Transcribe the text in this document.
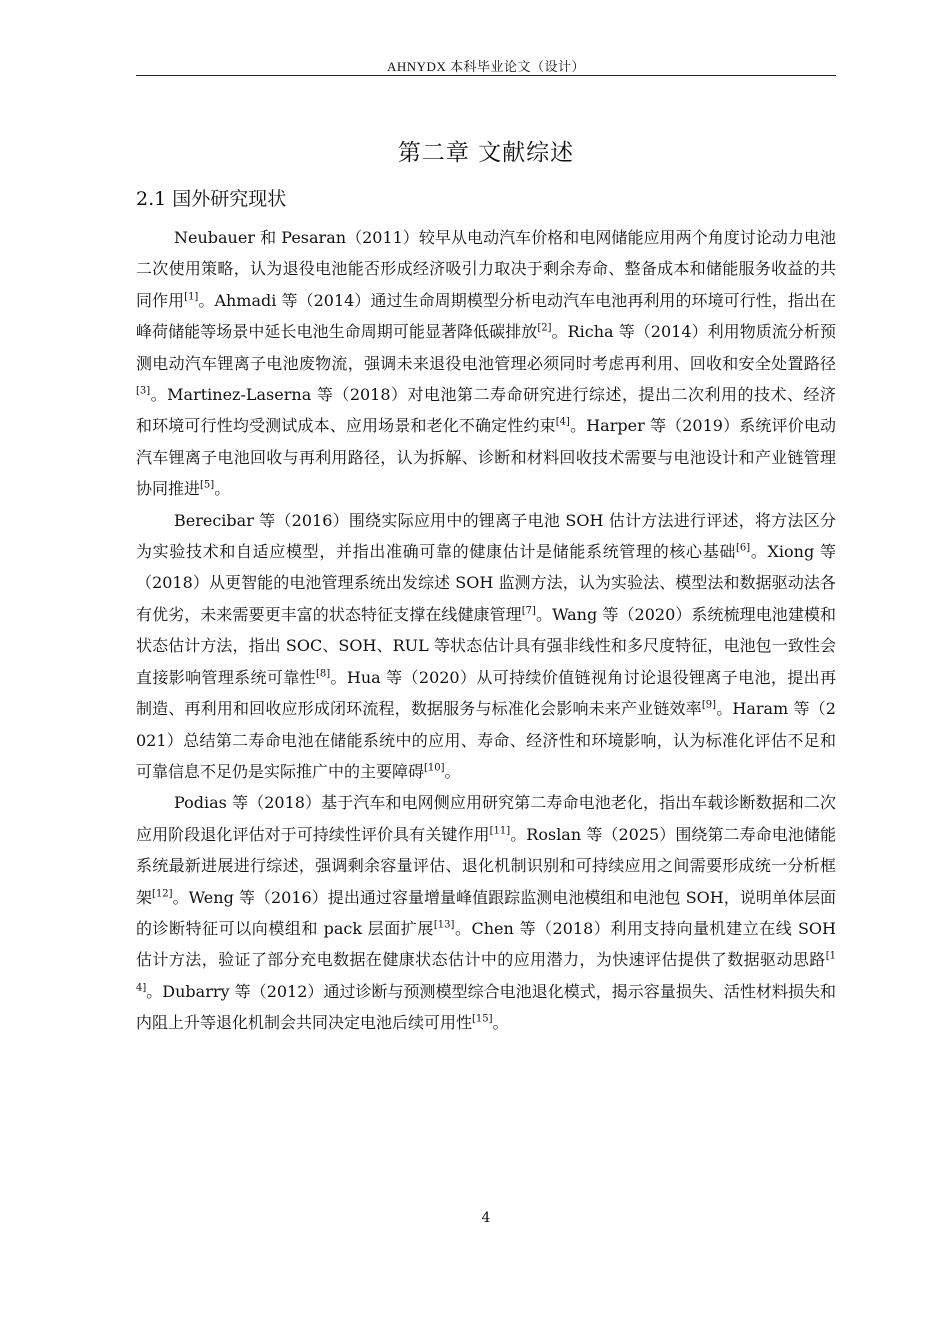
AHNYDX 本科毕业论文（设计）
第二章 文献综述
2.1 国外研究现状

Neubauer 和 Pesaran（2011）较早从电动汽车价格和电网储能应用两个角度讨论动力电池二次使用策略，认为退役电池能否形成经济吸引力取决于剩余寿命、整备成本和储能服务收益的共同作用[1]。Ahmadi 等（2014）通过生命周期模型分析电动汽车电池再利用的环境可行性，指出在峰荷储能等场景中延长电池生命周期可能显著降低碳排放[2]。Richa 等（2014）利用物质流分析预测电动汽车锂离子电池废物流，强调未来退役电池管理必须同时考虑再利用、回收和安全处置路径[3]。Martinez-Laserna 等（2018）对电池第二寿命研究进行综述，提出二次利用的技术、经济和环境可行性均受测试成本、应用场景和老化不确定性约束[4]。Harper 等（2019）系统评价电动汽车锂离子电池回收与再利用路径，认为拆解、诊断和材料回收技术需要与电池设计和产业链管理协同推进[5]。

Berecibar 等（2016）围绕实际应用中的锂离子电池 SOH 估计方法进行评述，将方法区分为实验技术和自适应模型，并指出准确可靠的健康估计是储能系统管理的核心基础[6]。Xiong 等（2018）从更智能的电池管理系统出发综述 SOH 监测方法，认为实验法、模型法和数据驱动法各有优劣，未来需要更丰富的状态特征支撑在线健康管理[7]。Wang 等（2020）系统梳理电池建模和状态估计方法，指出 SOC、SOH、RUL 等状态估计具有强非线性和多尺度特征，电池包一致性会直接影响管理系统可靠性[8]。Hua 等（2020）从可持续价值链视角讨论退役锂离子电池，提出再制造、再利用和回收应形成闭环流程，数据服务与标准化会影响未来产业链效率[9]。Haram 等（2021）总结第二寿命电池在储能系统中的应用、寿命、经济性和环境影响，认为标准化评估不足和可靠信息不足仍是实际推广中的主要障碍[10]。

Podias 等（2018）基于汽车和电网侧应用研究第二寿命电池老化，指出车载诊断数据和二次应用阶段退化评估对于可持续性评价具有关键作用[11]。Roslan 等（2025）围绕第二寿命电池储能系统最新进展进行综述，强调剩余容量评估、退化机制识别和可持续应用之间需要形成统一分析框架[12]。Weng 等（2016）提出通过容量增量峰值跟踪监测电池模组和电池包 SOH，说明单体层面的诊断特征可以向模组和 pack 层面扩展[13]。Chen 等（2018）利用支持向量机建立在线 SOH 估计方法，验证了部分充电数据在健康状态估计中的应用潜力，为快速评估提供了数据驱动思路[14]。Dubarry 等（2012）通过诊断与预测模型综合电池退化模式，揭示容量损失、活性材料损失和内阻上升等退化机制会共同决定电池后续可用性[15]。

4
